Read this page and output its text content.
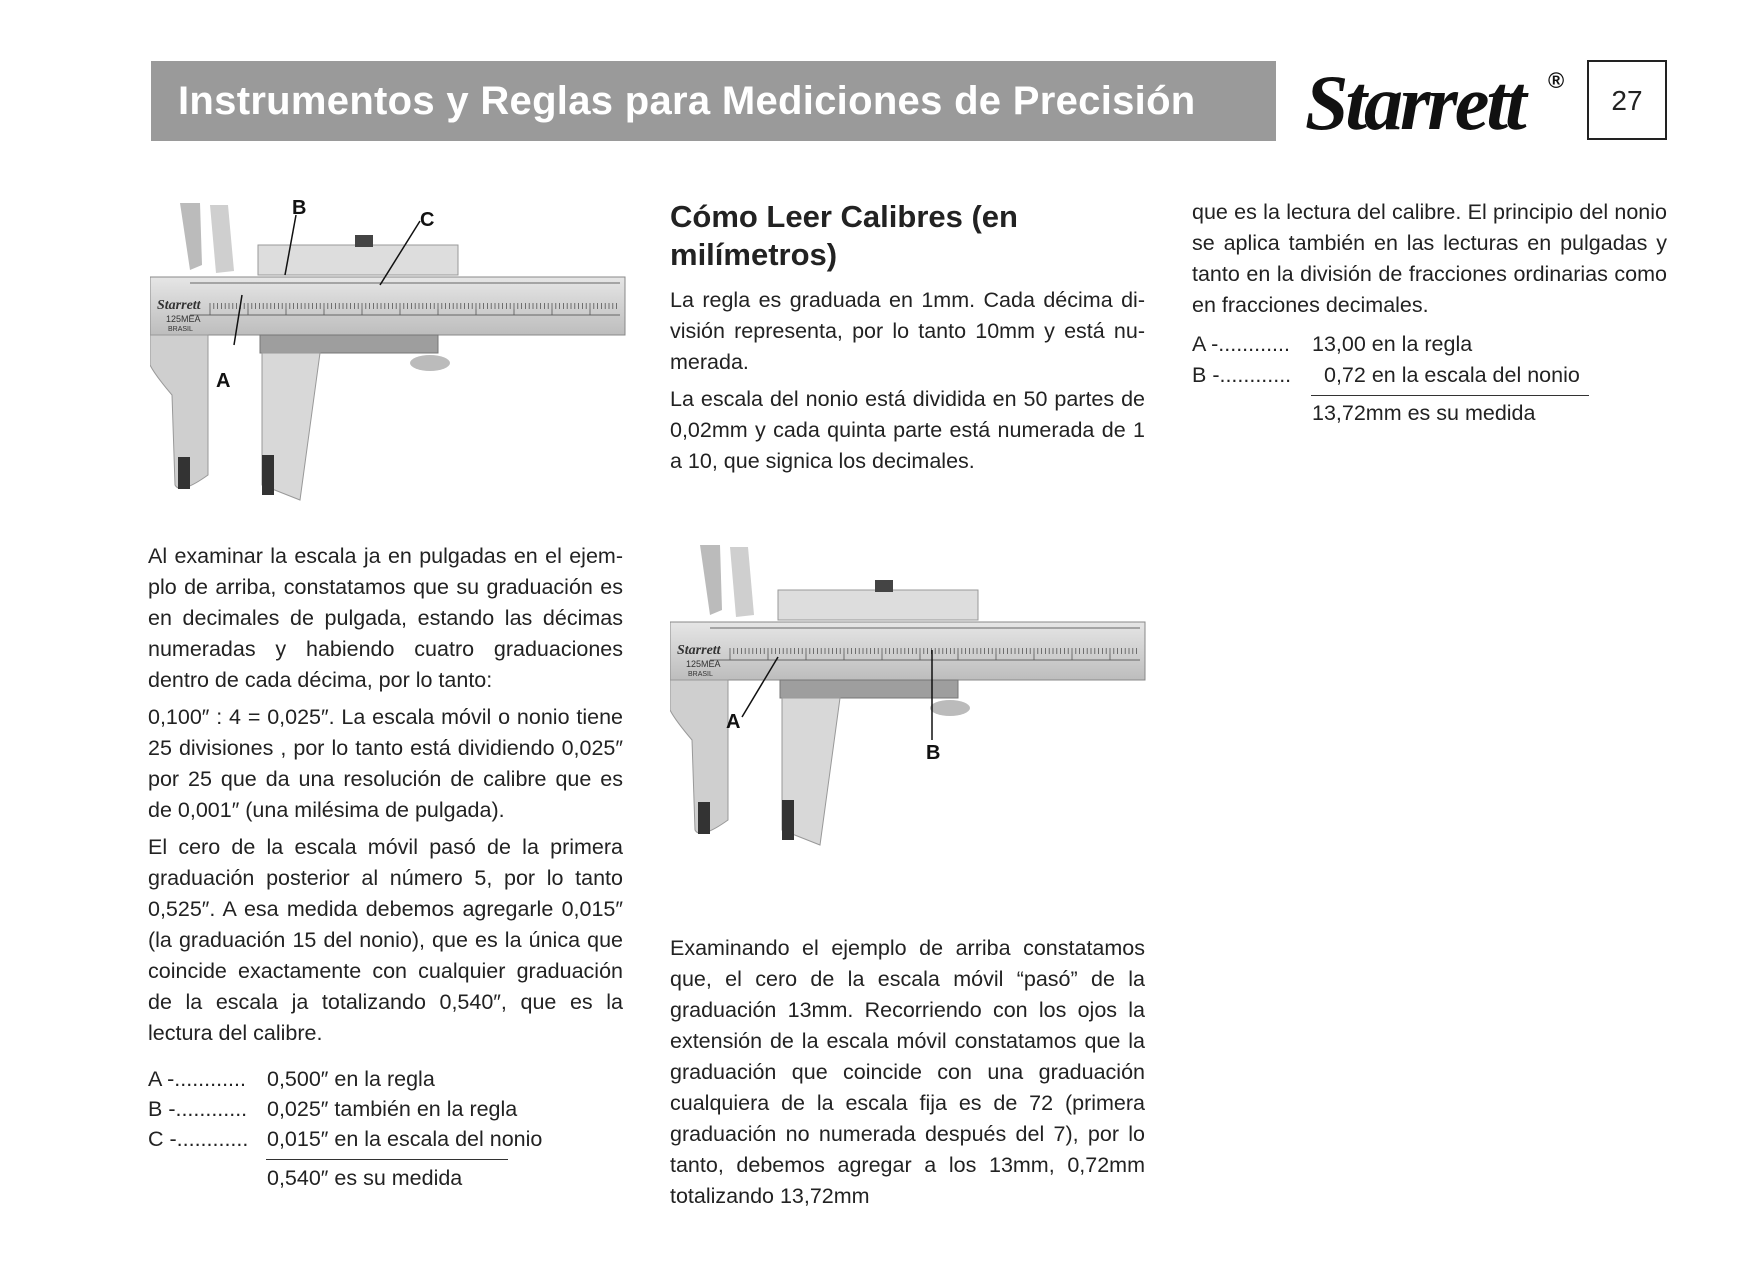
Instrumentos y Reglas para Mediciones de Precisión Starrett ®
27
Starrett
125MEA
BRASIL
B
C
A
Cómo Leer Calibres (en milímetros)

La regla es graduada en 1mm. Cada décima división representa, por lo tanto 10mm y está numerada.

La escala del nonio está dividida en 50 partes de 0,02mm y cada quinta parte está numerada de 1 a 10, que signica los decimales.

que es la lectura del calibre. El principio del nonio se aplica también en las lecturas en pulgadas y tanto en la división de fracciones ordinarias como en fracciones decimales.

A -............ 13,00 en la regla
B -............ 0,72 en la escala del nonio
13,72mm es su medida

Al examinar la escala ja en pulgadas en el ejemplo de arriba, constatamos que su graduación es en decimales de pulgada, estando las décimas numeradas y habiendo cuatro graduaciones dentro de cada décima, por lo tanto:

0,100″ : 4 = 0,025″. La escala móvil o nonio tiene 25 divisiones , por lo tanto está dividiendo 0,025″ por 25 que da una resolución de calibre que es de 0,001″ (una milésima de pulgada).

El cero de la escala móvil pasó de la primera graduación posterior al número 5, por lo tanto 0,525″. A esa medida debemos agregarle 0,015″ (la graduación 15 del nonio), que es la única que coincide exactamente con cualquier graduación de la escala ja totalizando 0,540″, que es la lectura del calibre.

A -............ 0,500″ en la regla
B -............ 0,025″ también en la regla
C -............ 0,015″ en la escala del nonio
0,540″ es su medida
Starrett
125MEA
BRASIL
A
B

Examinando el ejemplo de arriba constatamos que, el cero de la escala móvil “pasó” de la graduación 13mm. Recorriendo con los ojos la extensión de la escala móvil constatamos que la graduación que coincide con una graduación cualquiera de la escala fija es de 72 (primera graduación no numerada después del 7), por lo tanto, debemos agregar a los 13mm, 0,72mm totalizando 13,72mm
